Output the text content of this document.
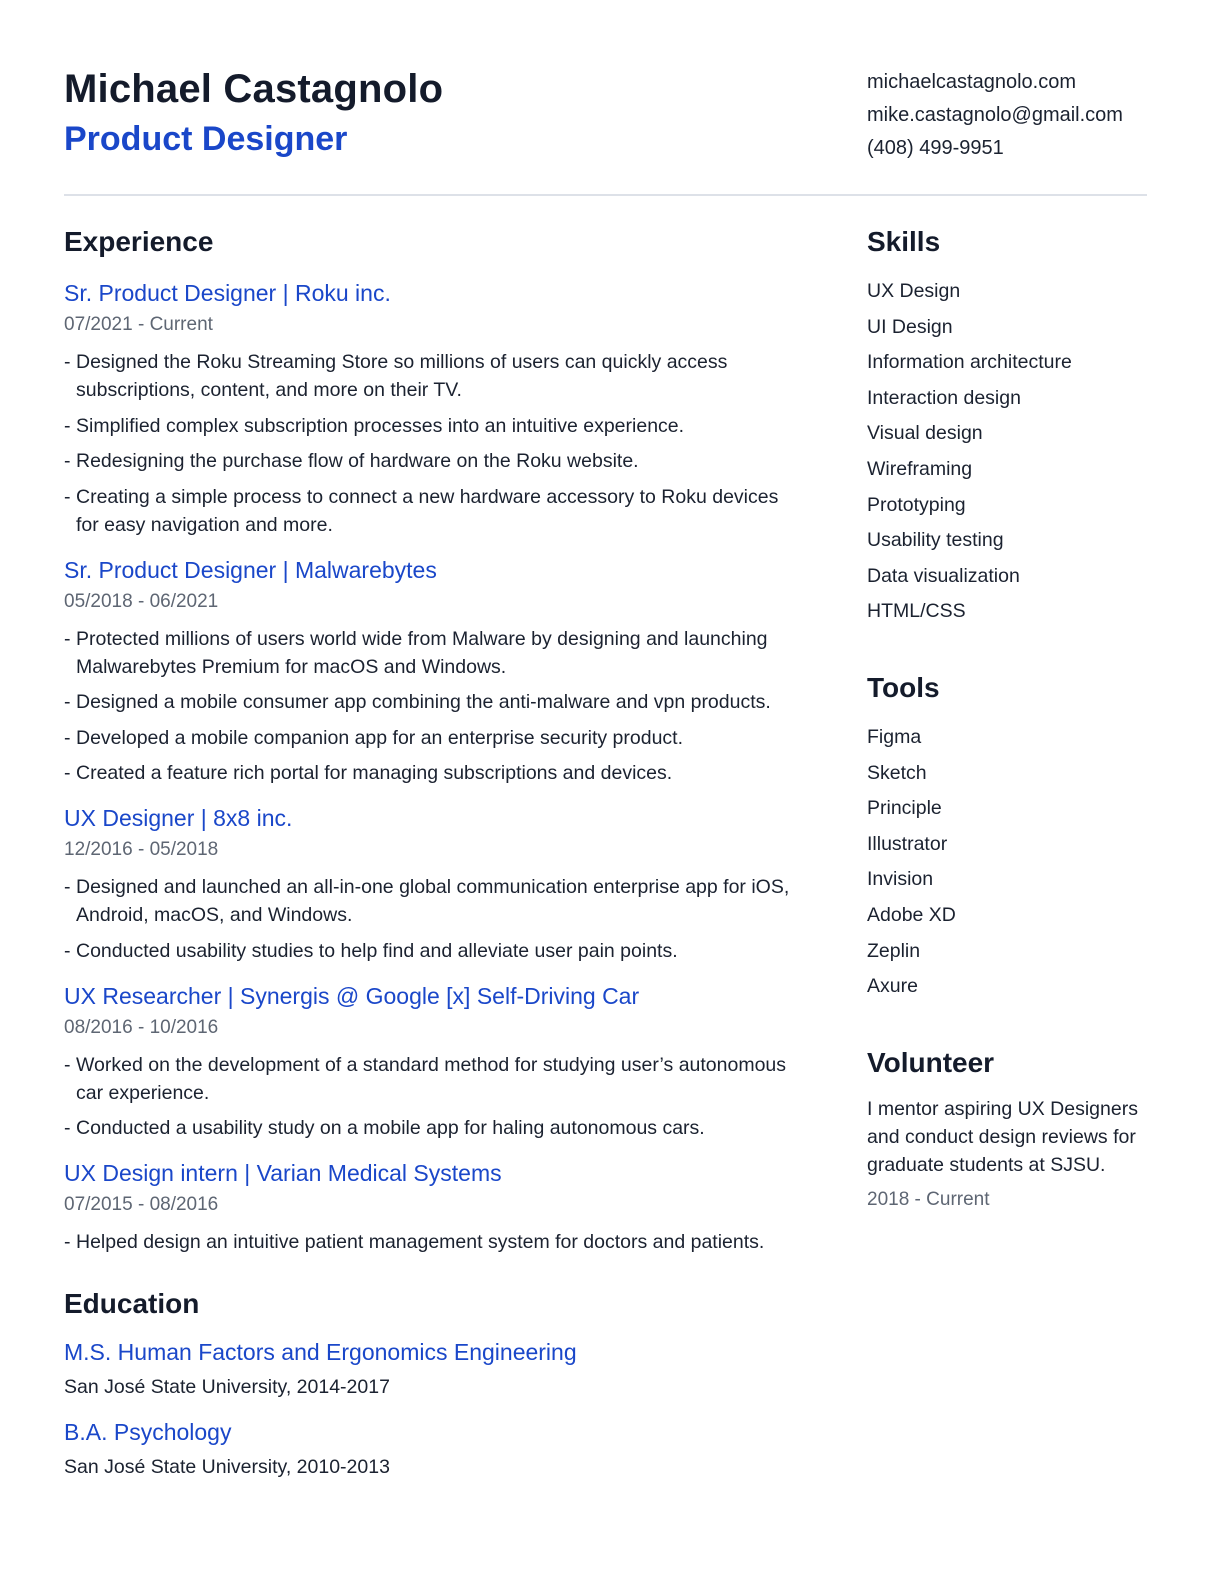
Michael Castagnolo
Product Designer
michaelcastagnolo.com
mike.castagnolo@gmail.com
(408) 499-9951
Experience

Sr. Product Designer | Roku inc.

07/2021 - Current

- Designed the Roku Streaming Store so millions of users can quickly access subscriptions, content, and more on their TV.
- Simplified complex subscription processes into an intuitive experience.
- Redesigning the purchase flow of hardware on the Roku website.
- Creating a simple process to connect a new hardware accessory to Roku devices for easy navigation and more.

Sr. Product Designer | Malwarebytes

05/2018 - 06/2021

- Protected millions of users world wide from Malware by designing and launching Malwarebytes Premium for macOS and Windows.
- Designed a mobile consumer app combining the anti-malware and vpn products.
- Developed a mobile companion app for an enterprise security product.
- Created a feature rich portal for managing subscriptions and devices.

UX Designer | 8x8 inc.

12/2016 - 05/2018

- Designed and launched an all-in-one global communication enterprise app for iOS, Android, macOS, and Windows.
- Conducted usability studies to help find and alleviate user pain points.

UX Researcher | Synergis @ Google [x] Self-Driving Car

08/2016 - 10/2016

- Worked on the development of a standard method for studying user’s autonomous car experience.
- Conducted a usability study on a mobile app for haling autonomous cars.

UX Design intern | Varian Medical Systems

07/2015 - 08/2016

- Helped design an intuitive patient management system for doctors and patients.
Education

M.S. Human Factors and Ergonomics Engineering

San José State University, 2014-2017

B.A. Psychology

San José State University, 2010-2013

Skills
UX Design
UI Design
Information architecture
Interaction design
Visual design
Wireframing
Prototyping
Usability testing
Data visualization
HTML/CSS
Tools
Figma
Sketch
Principle
Illustrator
Invision
Adobe XD
Zeplin
Axure
Volunteer

I mentor aspiring UX Designers and conduct design reviews for graduate students at SJSU.

2018 - Current
